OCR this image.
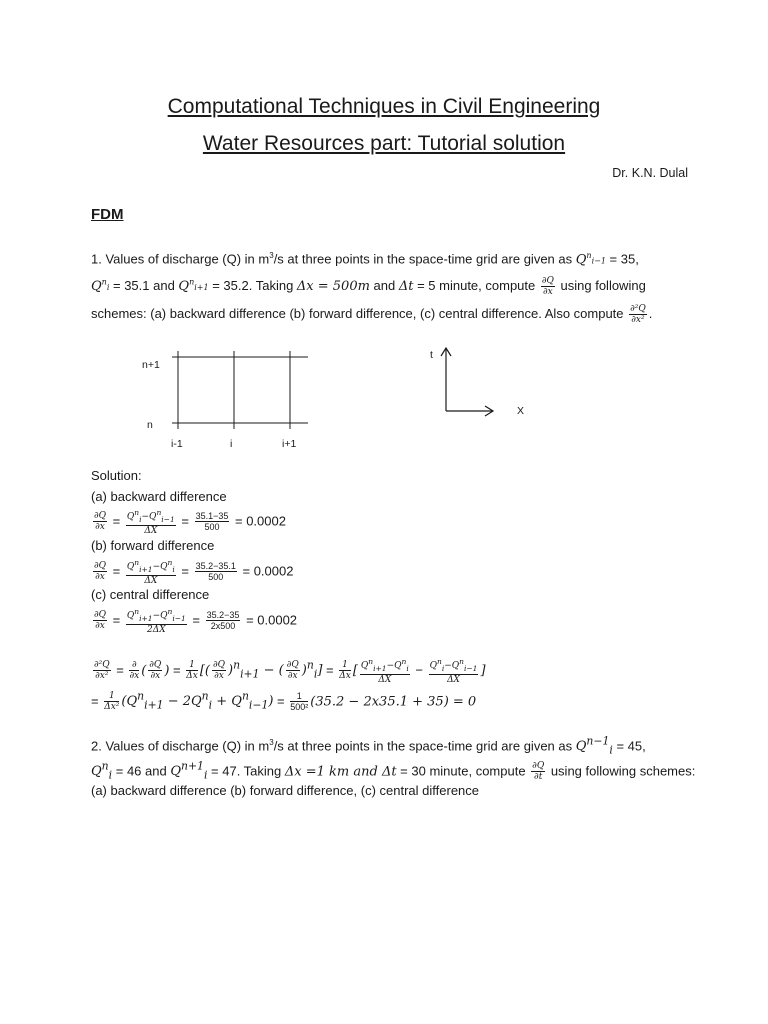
Computational Techniques in Civil Engineering
Water Resources part: Tutorial solution
Dr. K.N. Dulal
FDM
1. Values of discharge (Q) in $m^3/s$ at three points in the space-time grid are given as $Q^ni-1 = 35$,
$Q^ni = 35.1$ and $Q^ni+1 = 35.2$. Taking Δx = 500m and Δt = 5 minute, compute $\frac{\partial Q}{\partial x}$ using following
schemes: (a) backward difference (b) forward difference, (c) central difference. Also compute $\frac{\text{∂²Q}}{\text{∂x²}}$ .
n+1
n
i-1	i	i+1
t
X
Solution:
(a) backward difference
$\frac{\partial Q}{\partial x} = \frac{Q^n_i-Q^n_{i-1}}{\Delta X} = \frac{35.1-35}{500} = 0.0002$
(b) forward difference
$\frac{\partial Q}{\partial x} = \frac{Q^n_{i+1}-Q^n_i}{\Delta X} = \frac{35.2-35.1}{500} = 0.0002$
(c) central difference
$\frac{\partial Q}{\partial x} = \frac{Q^n_{i+1}-Q^n_{i-1}}{2\Delta X} = \frac{35.2-35}{2x500} = 0.0002$
$\frac{\text{∂²Q}}{\text{∂x²}} = \frac{\partial}{\partial x}$ ( $\frac{\partial Q}{\partial x}$ ) = $\frac{1}{\Delta x}$ [( $\frac{\partial Q}{\partial x} )^n_{i+1}$ − ( $\frac{\partial Q}{\partial x} )^n_i] = \frac{1}{\Delta x}$ [ $\frac{Q^n_{i+1}-Q^n_i}{\Delta X} - \frac{Q^n_i-Q^n_{i-1}}{\Delta X}$ ]
= $\frac{1}{\text{Δx²}} (Q^n_{i+1} - 2Q^n_i + Q^n_{i-1}) = \frac{1}{\text{500²}} (35.2 - 2x35.1 + 35) = 0$
2. Values of discharge (Q) in $m^3/s$ at three points in the space-time grid are given as $Q^{n-1}_i = 45$,
$Q^n_i = 46$ and $Q^{n+1}_i = 47$. Taking Δx =1 km and Δt = 30 minute, compute $\frac{\partial Q}{\partial t}$ using following schemes:
(a) backward difference (b) forward difference, (c) central difference
